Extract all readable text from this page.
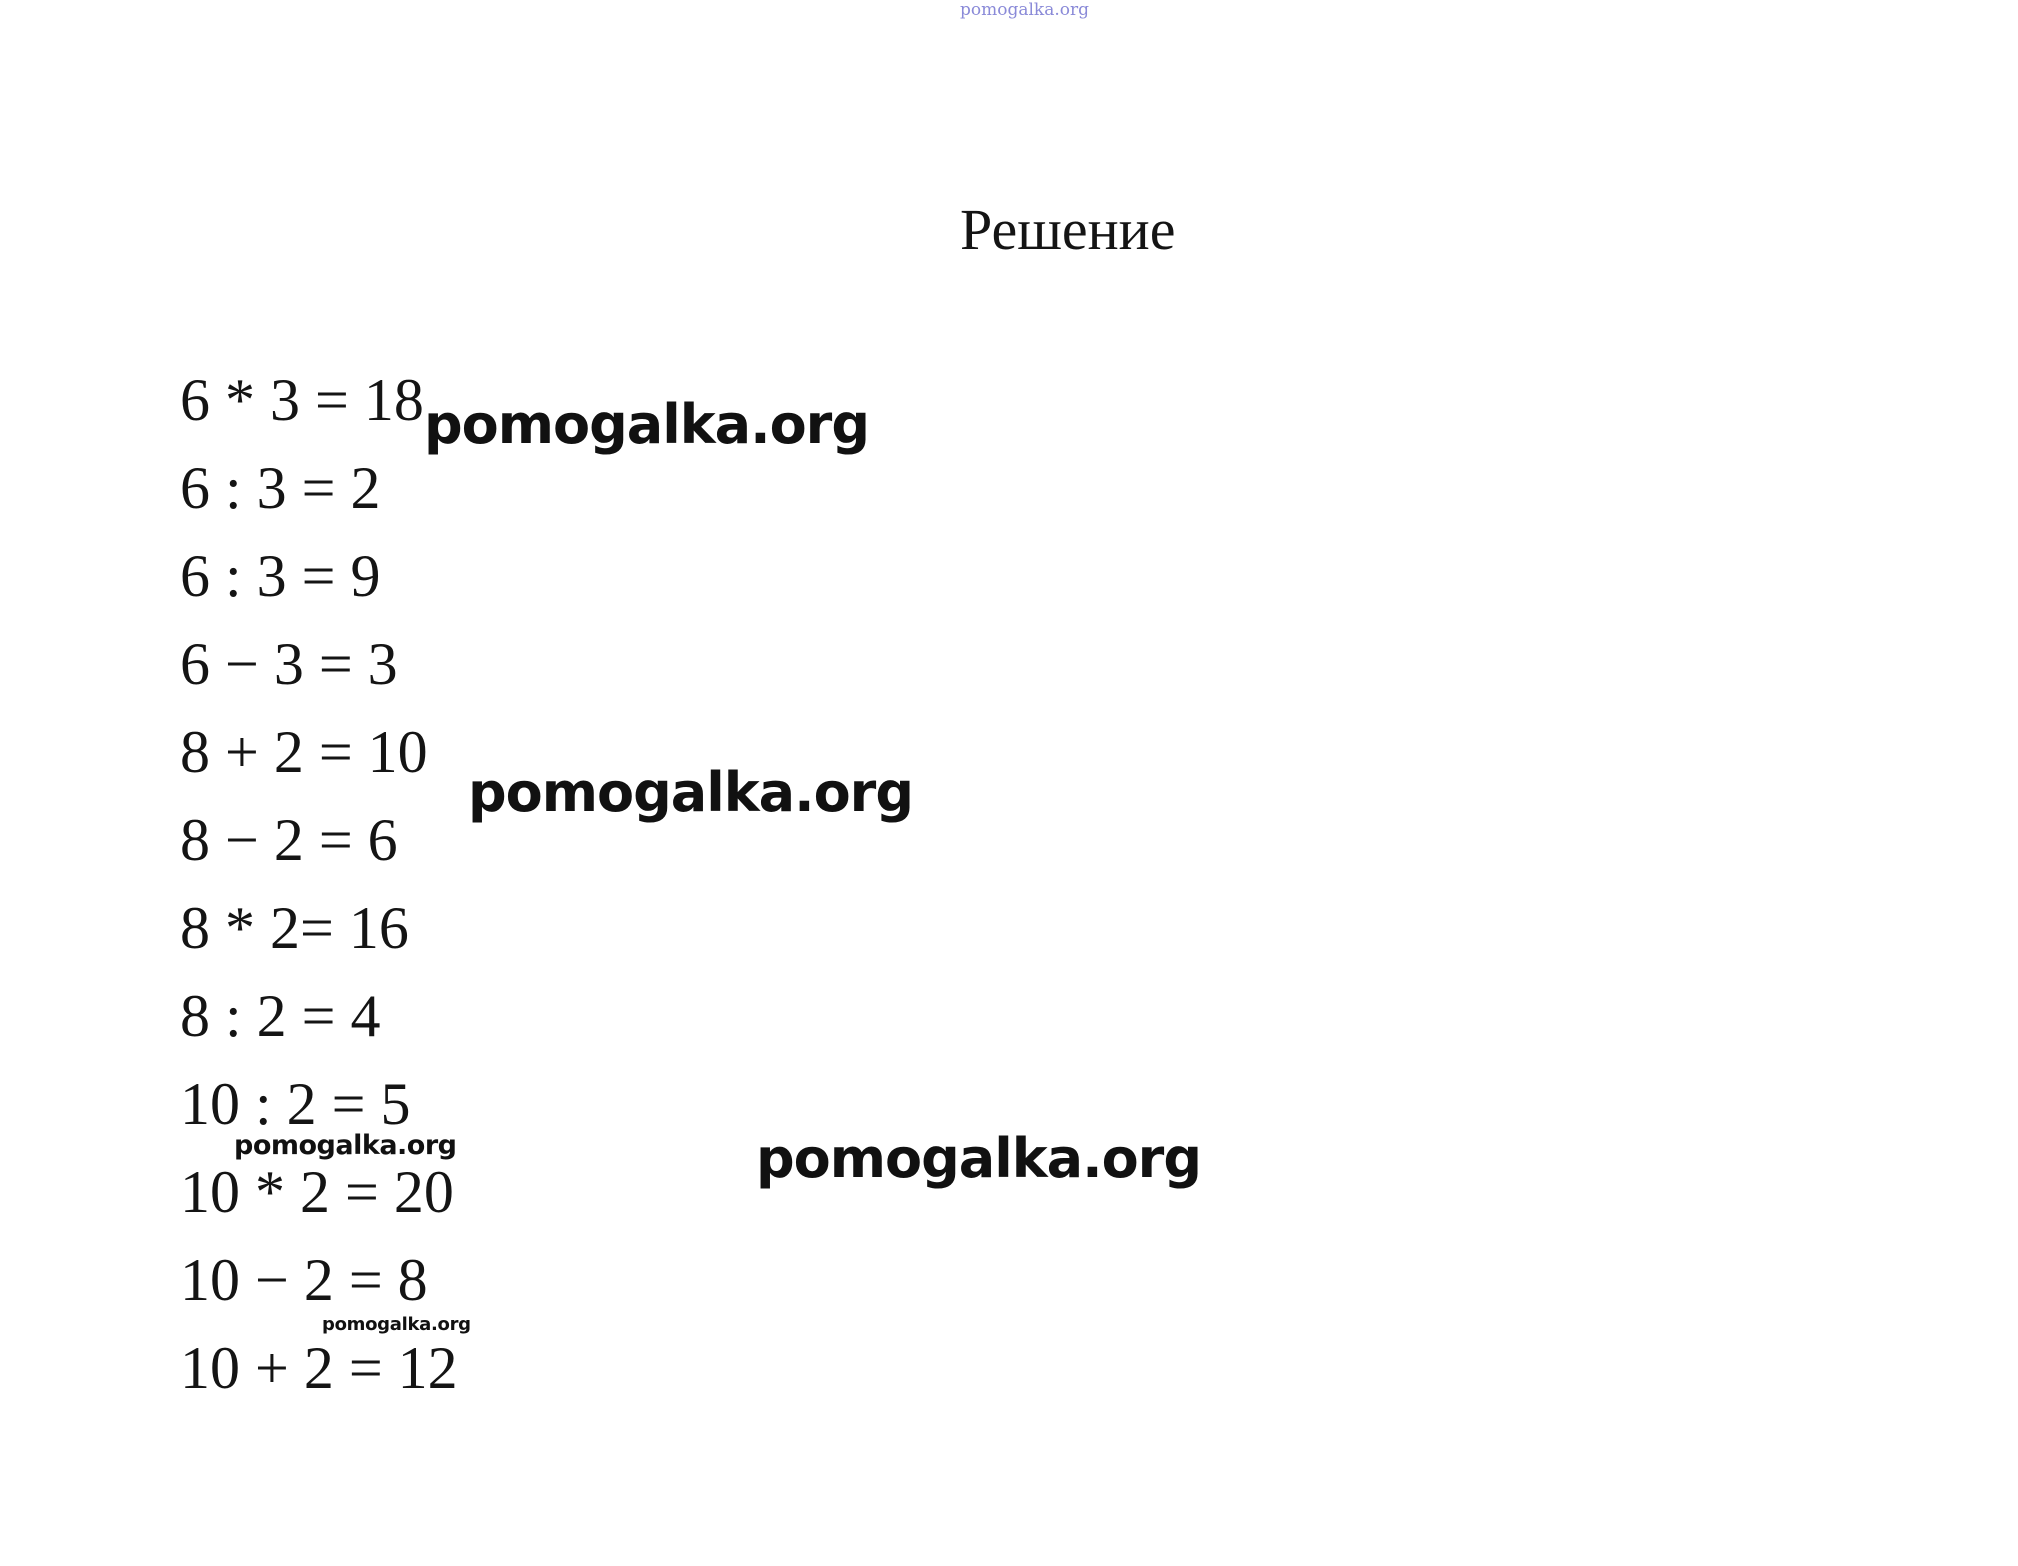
pomogalka.org
Решение
6 * 3 = 18
6 : 3 = 2
6 : 3 = 9
6 − 3 = 3
8 + 2 = 10
8 − 2 = 6
8 * 2= 16
8 : 2 = 4
10 : 2 = 5
10 * 2 = 20
10 − 2 = 8
10 + 2 = 12
pomogalka.org
pomogalka.org
pomogalka.org
pomogalka.org
pomogalka.org
